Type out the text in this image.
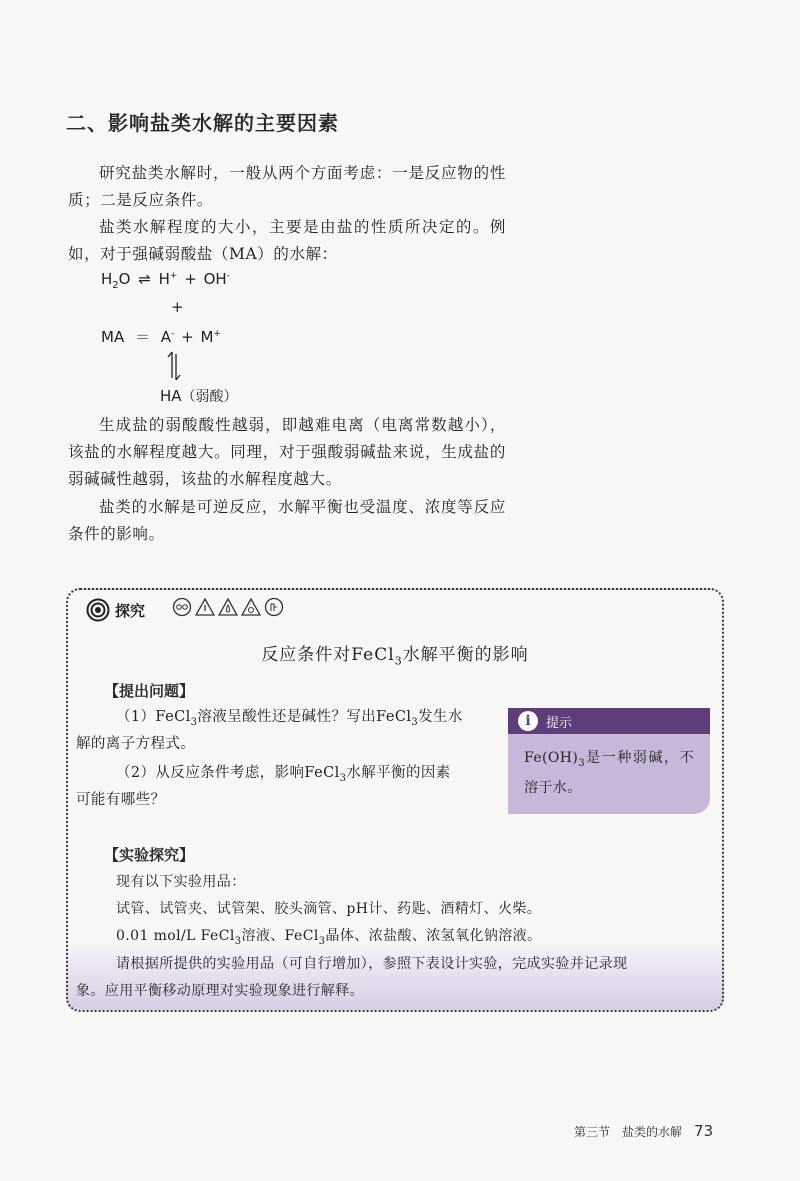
二、影响盐类水解的主要因素
研究盐类水解时，一般从两个方面考虑：一是反应物的性质；二是反应条件。
盐类水解程度的大小，主要是由盐的性质所决定的。例如，对于强碱弱酸盐（MA）的水解：
$H_2O$ ⇌ H+ + OH-
+
MA ＝ A- + M+
HA（弱酸）
生成盐的弱酸酸性越弱，即越难电离（电离常数越小），该盐的水解程度越大。同理，对于强酸弱碱盐来说，生成盐的弱碱碱性越弱，该盐的水解程度越大。
盐类的水解是可逆反应，水解平衡也受温度、浓度等反应条件的影响。
探究
反应条件对FeCl$_3$水解平衡的影响
【提出问题】
（1）FeCl$_3$溶液呈酸性还是碱性？写出FeCl$_3$发生水
解的离子方程式。
（2）从反应条件考虑，影响FeCl$_3$水解平衡的因素
可能有哪些？
i	提示
$Fe(OH)_3$是一种弱碱，不溶于水。
【实验探究】
现有以下实验用品：
试管、试管夹、试管架、胶头滴管、pH计、药匙、酒精灯、火柴。
0.01 mol/L FeCl$_3$溶液、FeCl$_3$晶体、浓盐酸、浓氢氧化钠溶液。
请根据所提供的实验用品（可自行增加），参照下表设计实验，完成实验并记录现
象。应用平衡移动原理对实验现象进行解释。
第三节 盐类的水解 73
